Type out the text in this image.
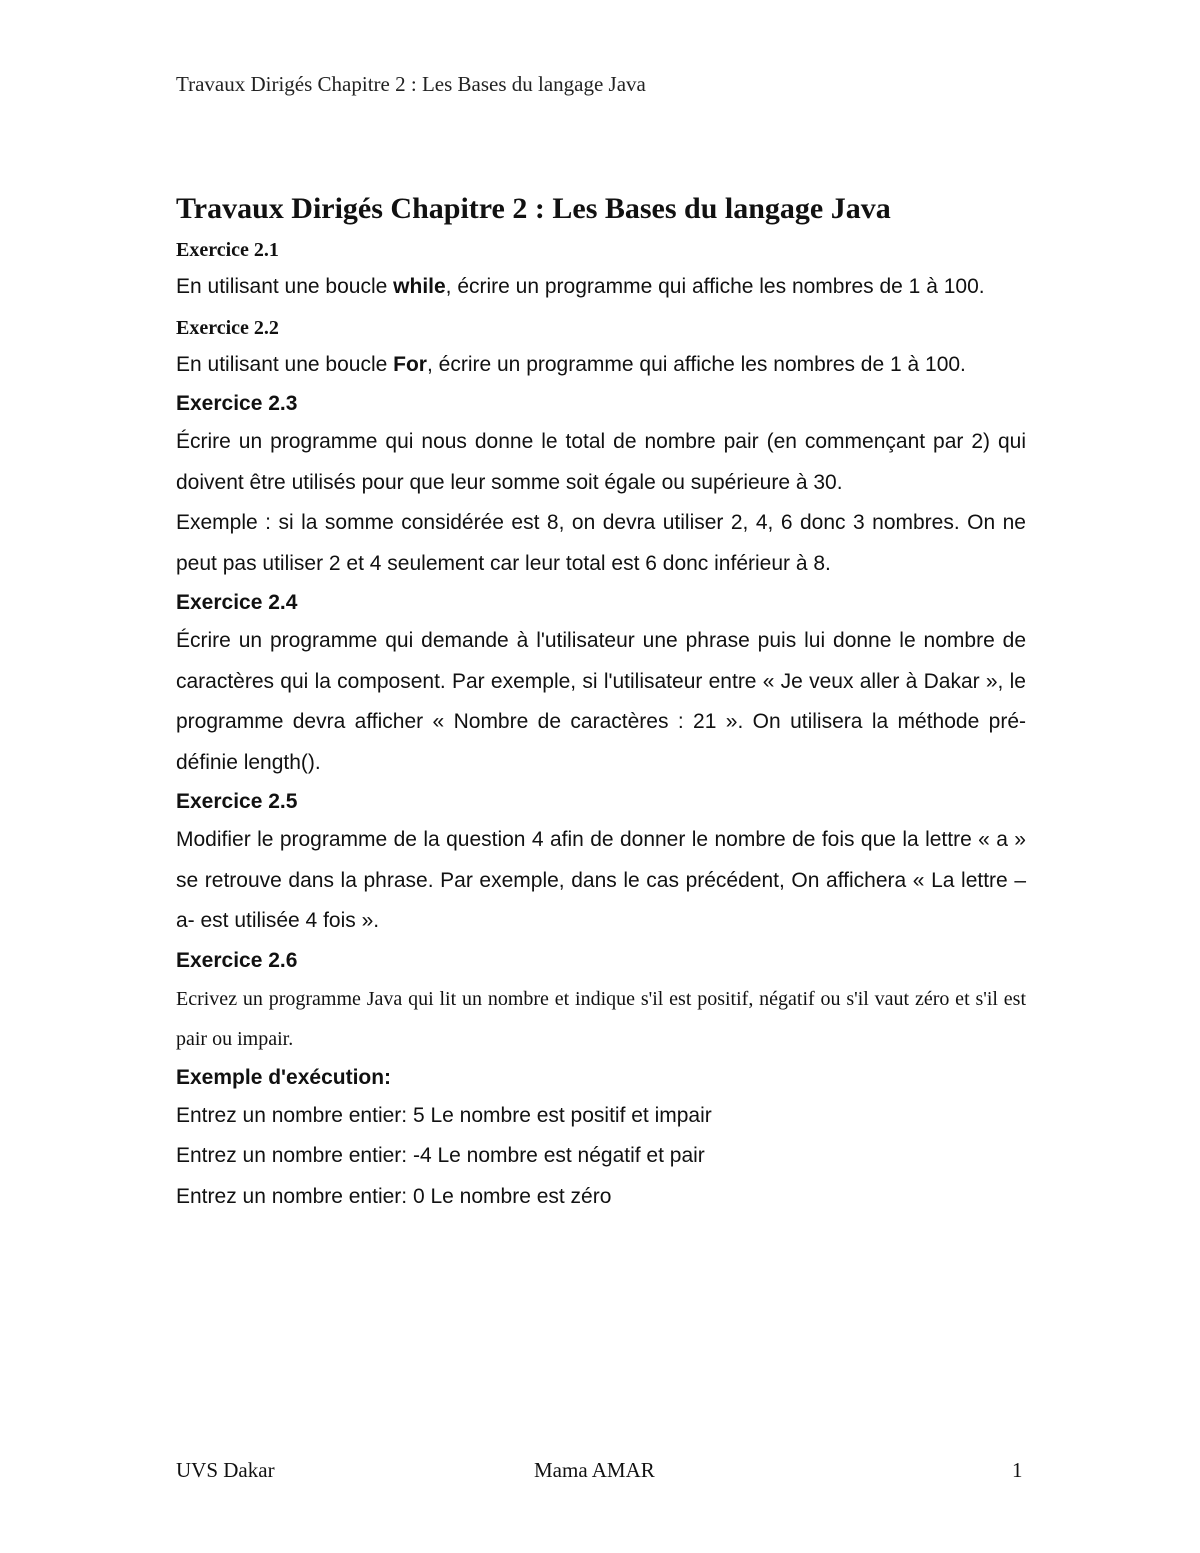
Travaux Dirigés Chapitre 2 : Les Bases du langage Java
Travaux Dirigés Chapitre 2 : Les Bases du langage Java
Exercice 2.1

En utilisant une boucle while, écrire un programme qui affiche les nombres de 1 à 100.

Exercice 2.2

En utilisant une boucle For, écrire un programme qui affiche les nombres de 1 à 100.

Exercice 2.3

Écrire un programme qui nous donne le total de nombre pair (en commençant par 2) qui doivent être utilisés pour que leur somme soit égale ou supérieure à 30.

Exemple : si la somme considérée est 8, on devra utiliser 2, 4, 6 donc 3 nombres. On ne peut pas utiliser 2 et 4 seulement car leur total est 6 donc inférieur à 8.

Exercice 2.4

Écrire un programme qui demande à l'utilisateur une phrase puis lui donne le nombre de caractères qui la composent. Par exemple, si l'utilisateur entre « Je veux aller à Dakar », le programme devra afficher « Nombre de caractères : 21 ». On utilisera la méthode pré-définie length().

Exercice 2.5

Modifier le programme de la question 4 afin de donner le nombre de fois que la lettre « a » se retrouve dans la phrase. Par exemple, dans le cas précédent, On affichera « La lettre –a- est utilisée 4 fois ».

Exercice 2.6

Ecrivez un programme Java qui lit un nombre et indique s'il est positif, négatif ou s'il vaut zéro et s'il est pair ou impair.

Exemple d'exécution:

Entrez un nombre entier: 5 Le nombre est positif et impair

Entrez un nombre entier: -4 Le nombre est négatif et pair

Entrez un nombre entier: 0 Le nombre est zéro

UVS Dakar	Mama AMAR	1
